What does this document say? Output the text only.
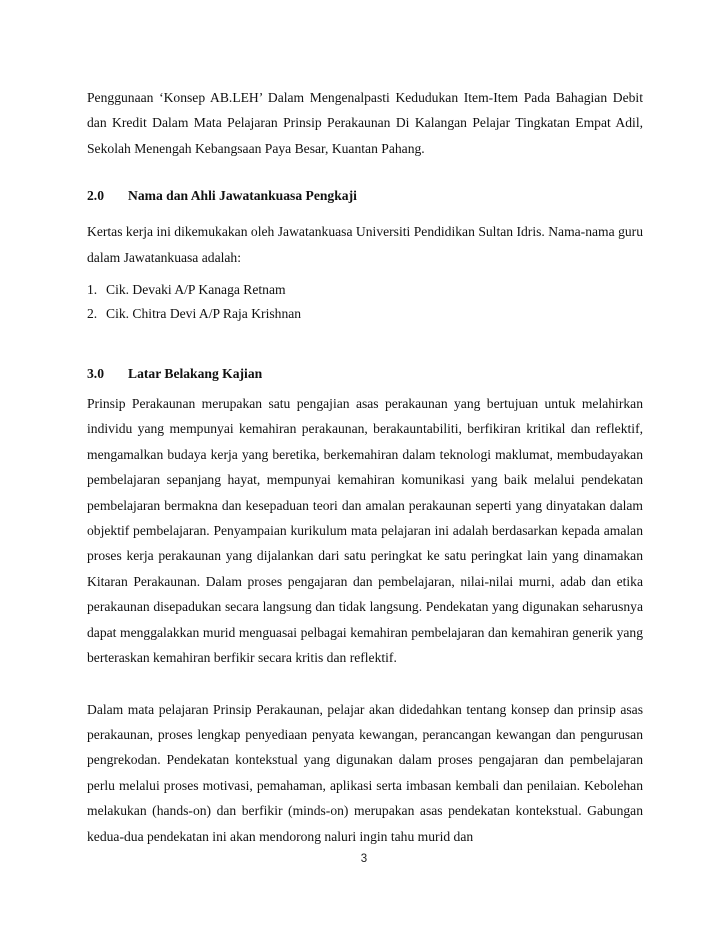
Penggunaan ‘Konsep AB.LEH’ Dalam Mengenalpasti Kedudukan Item-Item Pada Bahagian Debit dan Kredit Dalam Mata Pelajaran Prinsip Perakaunan Di Kalangan Pelajar Tingkatan Empat Adil, Sekolah Menengah Kebangsaan Paya Besar, Kuantan Pahang.

2.0	Nama dan Ahli Jawatankuasa Pengkaji

Kertas kerja ini dikemukakan oleh Jawatankuasa Universiti Pendidikan Sultan Idris. Nama-nama guru dalam Jawatankuasa adalah:

1. Cik. Devaki A/P Kanaga Retnam
2. Cik. Chitra Devi A/P Raja Krishnan
3.0	Latar Belakang Kajian

Prinsip Perakaunan merupakan satu pengajian asas perakaunan yang bertujuan untuk melahirkan individu yang mempunyai kemahiran perakaunan, berakauntabiliti, berfikiran kritikal dan reflektif, mengamalkan budaya kerja yang beretika, berkemahiran dalam teknologi maklumat, membudayakan pembelajaran sepanjang hayat, mempunyai kemahiran komunikasi yang baik melalui pendekatan pembelajaran bermakna dan kesepaduan teori dan amalan perakaunan seperti yang dinyatakan dalam objektif pembelajaran. Penyampaian kurikulum mata pelajaran ini adalah berdasarkan kepada amalan proses kerja perakaunan yang dijalankan dari satu peringkat ke satu peringkat lain yang dinamakan Kitaran Perakaunan. Dalam proses pengajaran dan pembelajaran, nilai-nilai murni, adab dan etika perakaunan disepadukan secara langsung dan tidak langsung. Pendekatan yang digunakan seharusnya dapat menggalakkan murid menguasai pelbagai kemahiran pembelajaran dan kemahiran generik yang berteraskan kemahiran berfikir secara kritis dan reflektif.

Dalam mata pelajaran Prinsip Perakaunan, pelajar akan didedahkan tentang konsep dan prinsip asas perakaunan, proses lengkap penyediaan penyata kewangan, perancangan kewangan dan pengurusan pengrekodan. Pendekatan kontekstual yang digunakan dalam proses pengajaran dan pembelajaran perlu melalui proses motivasi, pemahaman, aplikasi serta imbasan kembali dan penilaian. Kebolehan melakukan (hands-on) dan berfikir (minds-on) merupakan asas pendekatan kontekstual. Gabungan kedua-dua pendekatan ini akan mendorong naluri ingin tahu murid dan

3
